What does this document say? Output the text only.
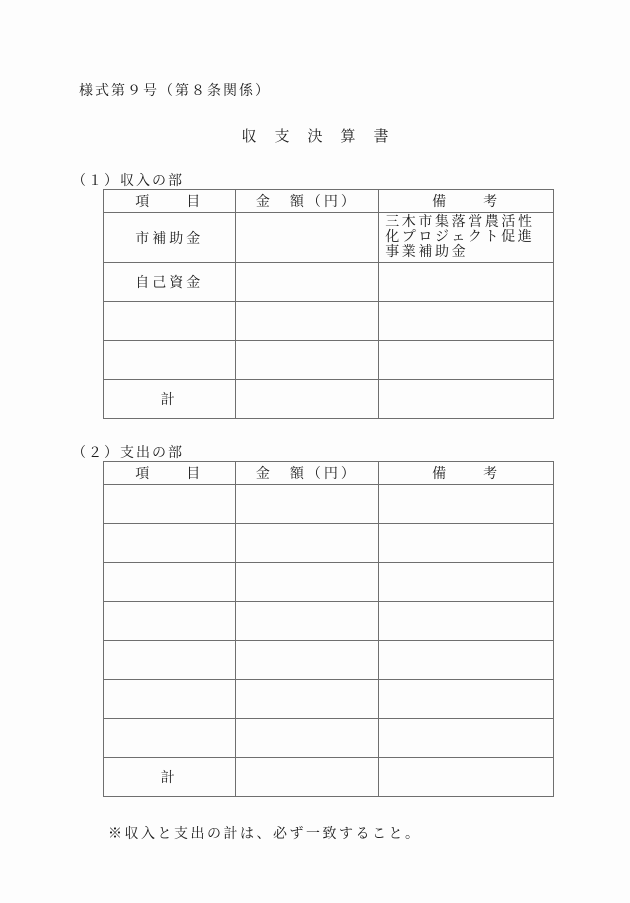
様式第９号（第８条関係）
収支決算書
（１）収入の部
項　　目	金　額（円）	備　　考
市補助金		三木市集落営農活性化プロジェクト促進事業補助金
自己資金		

計		
（２）支出の部
項　　目	金　額（円）	備　　考

計		
※収入と支出の計は、必ず一致すること。
